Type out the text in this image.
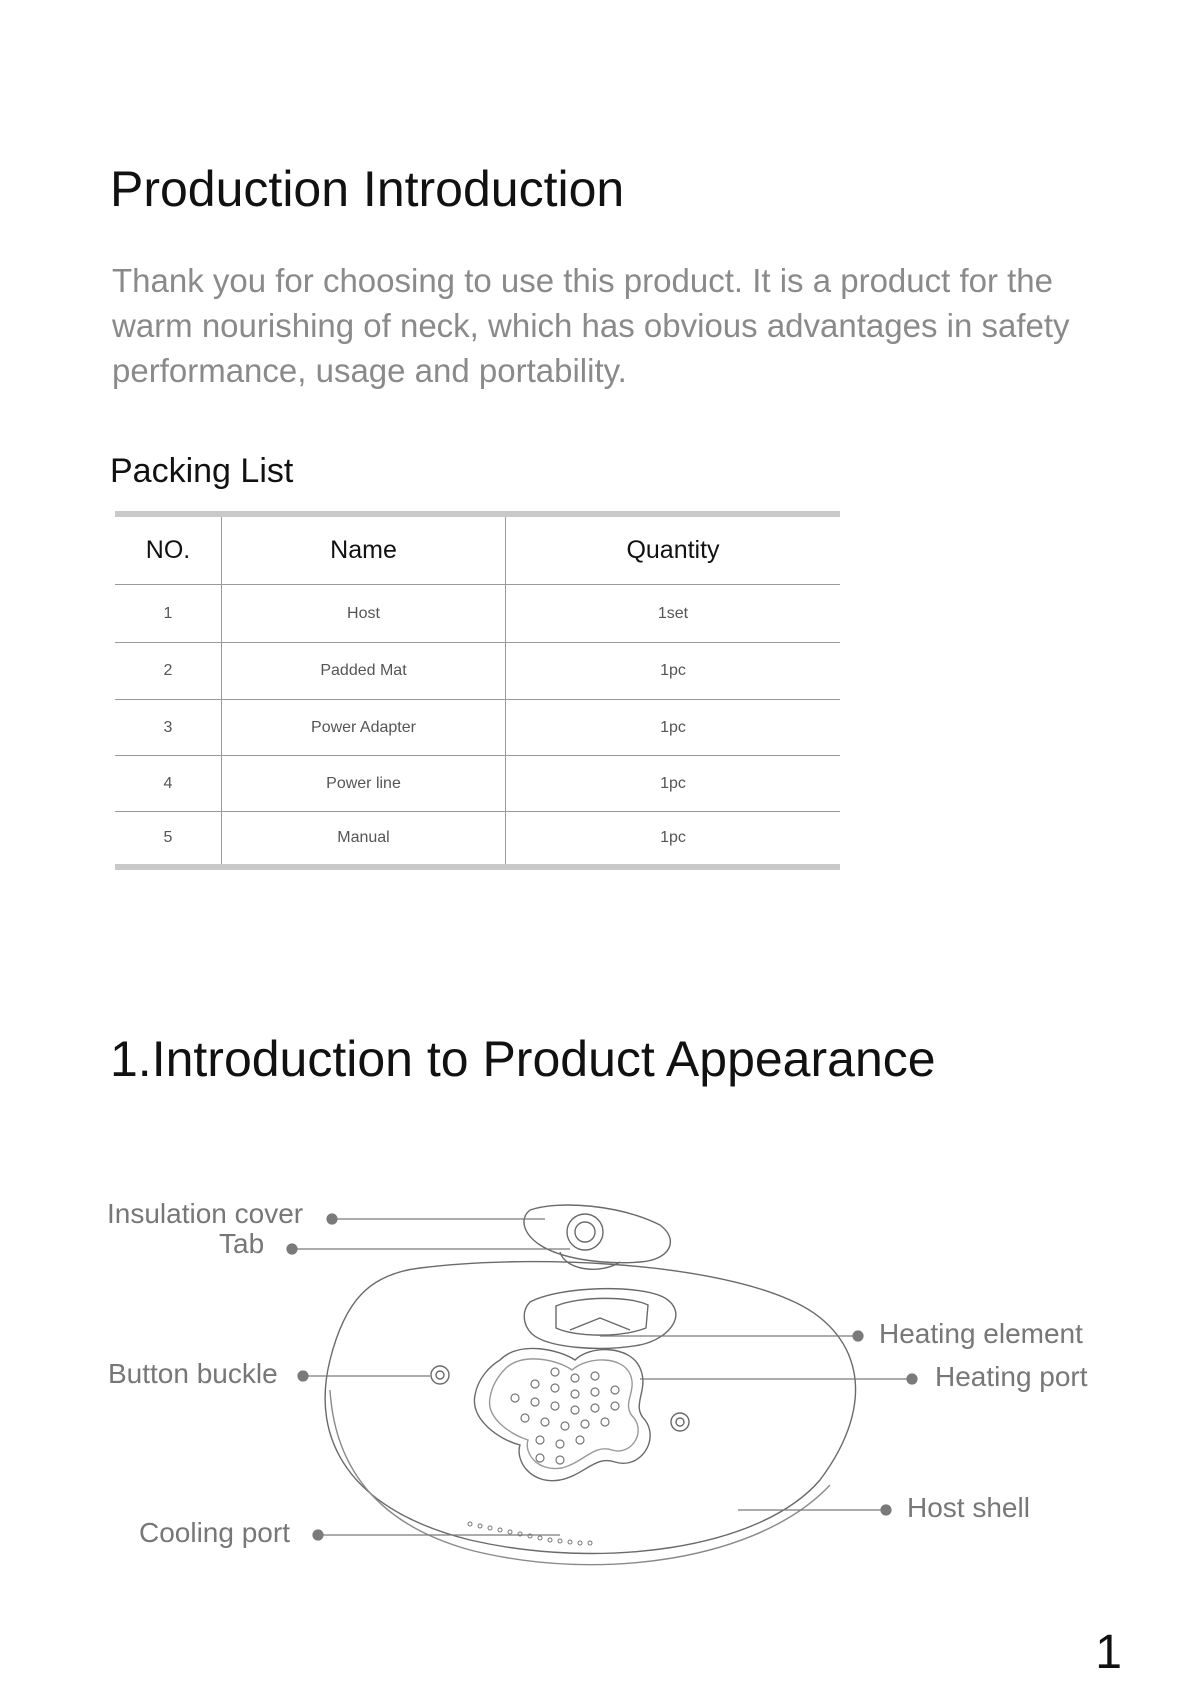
Production Introduction
Thank you for choosing to use this product. It is a product for the warm nourishing of neck, which has obvious advantages in safety performance, usage and portability.
Packing List
NO.	Name	Quantity
1	Host	1set
2	Padded Mat	1pc
3	Power Adapter	1pc
4	Power line	1pc
5	Manual	1pc
1.Introduction to Product Appearance
Insulation cover
Tab
Button buckle
Cooling port
Heating element
Heating port
Host shell
1
